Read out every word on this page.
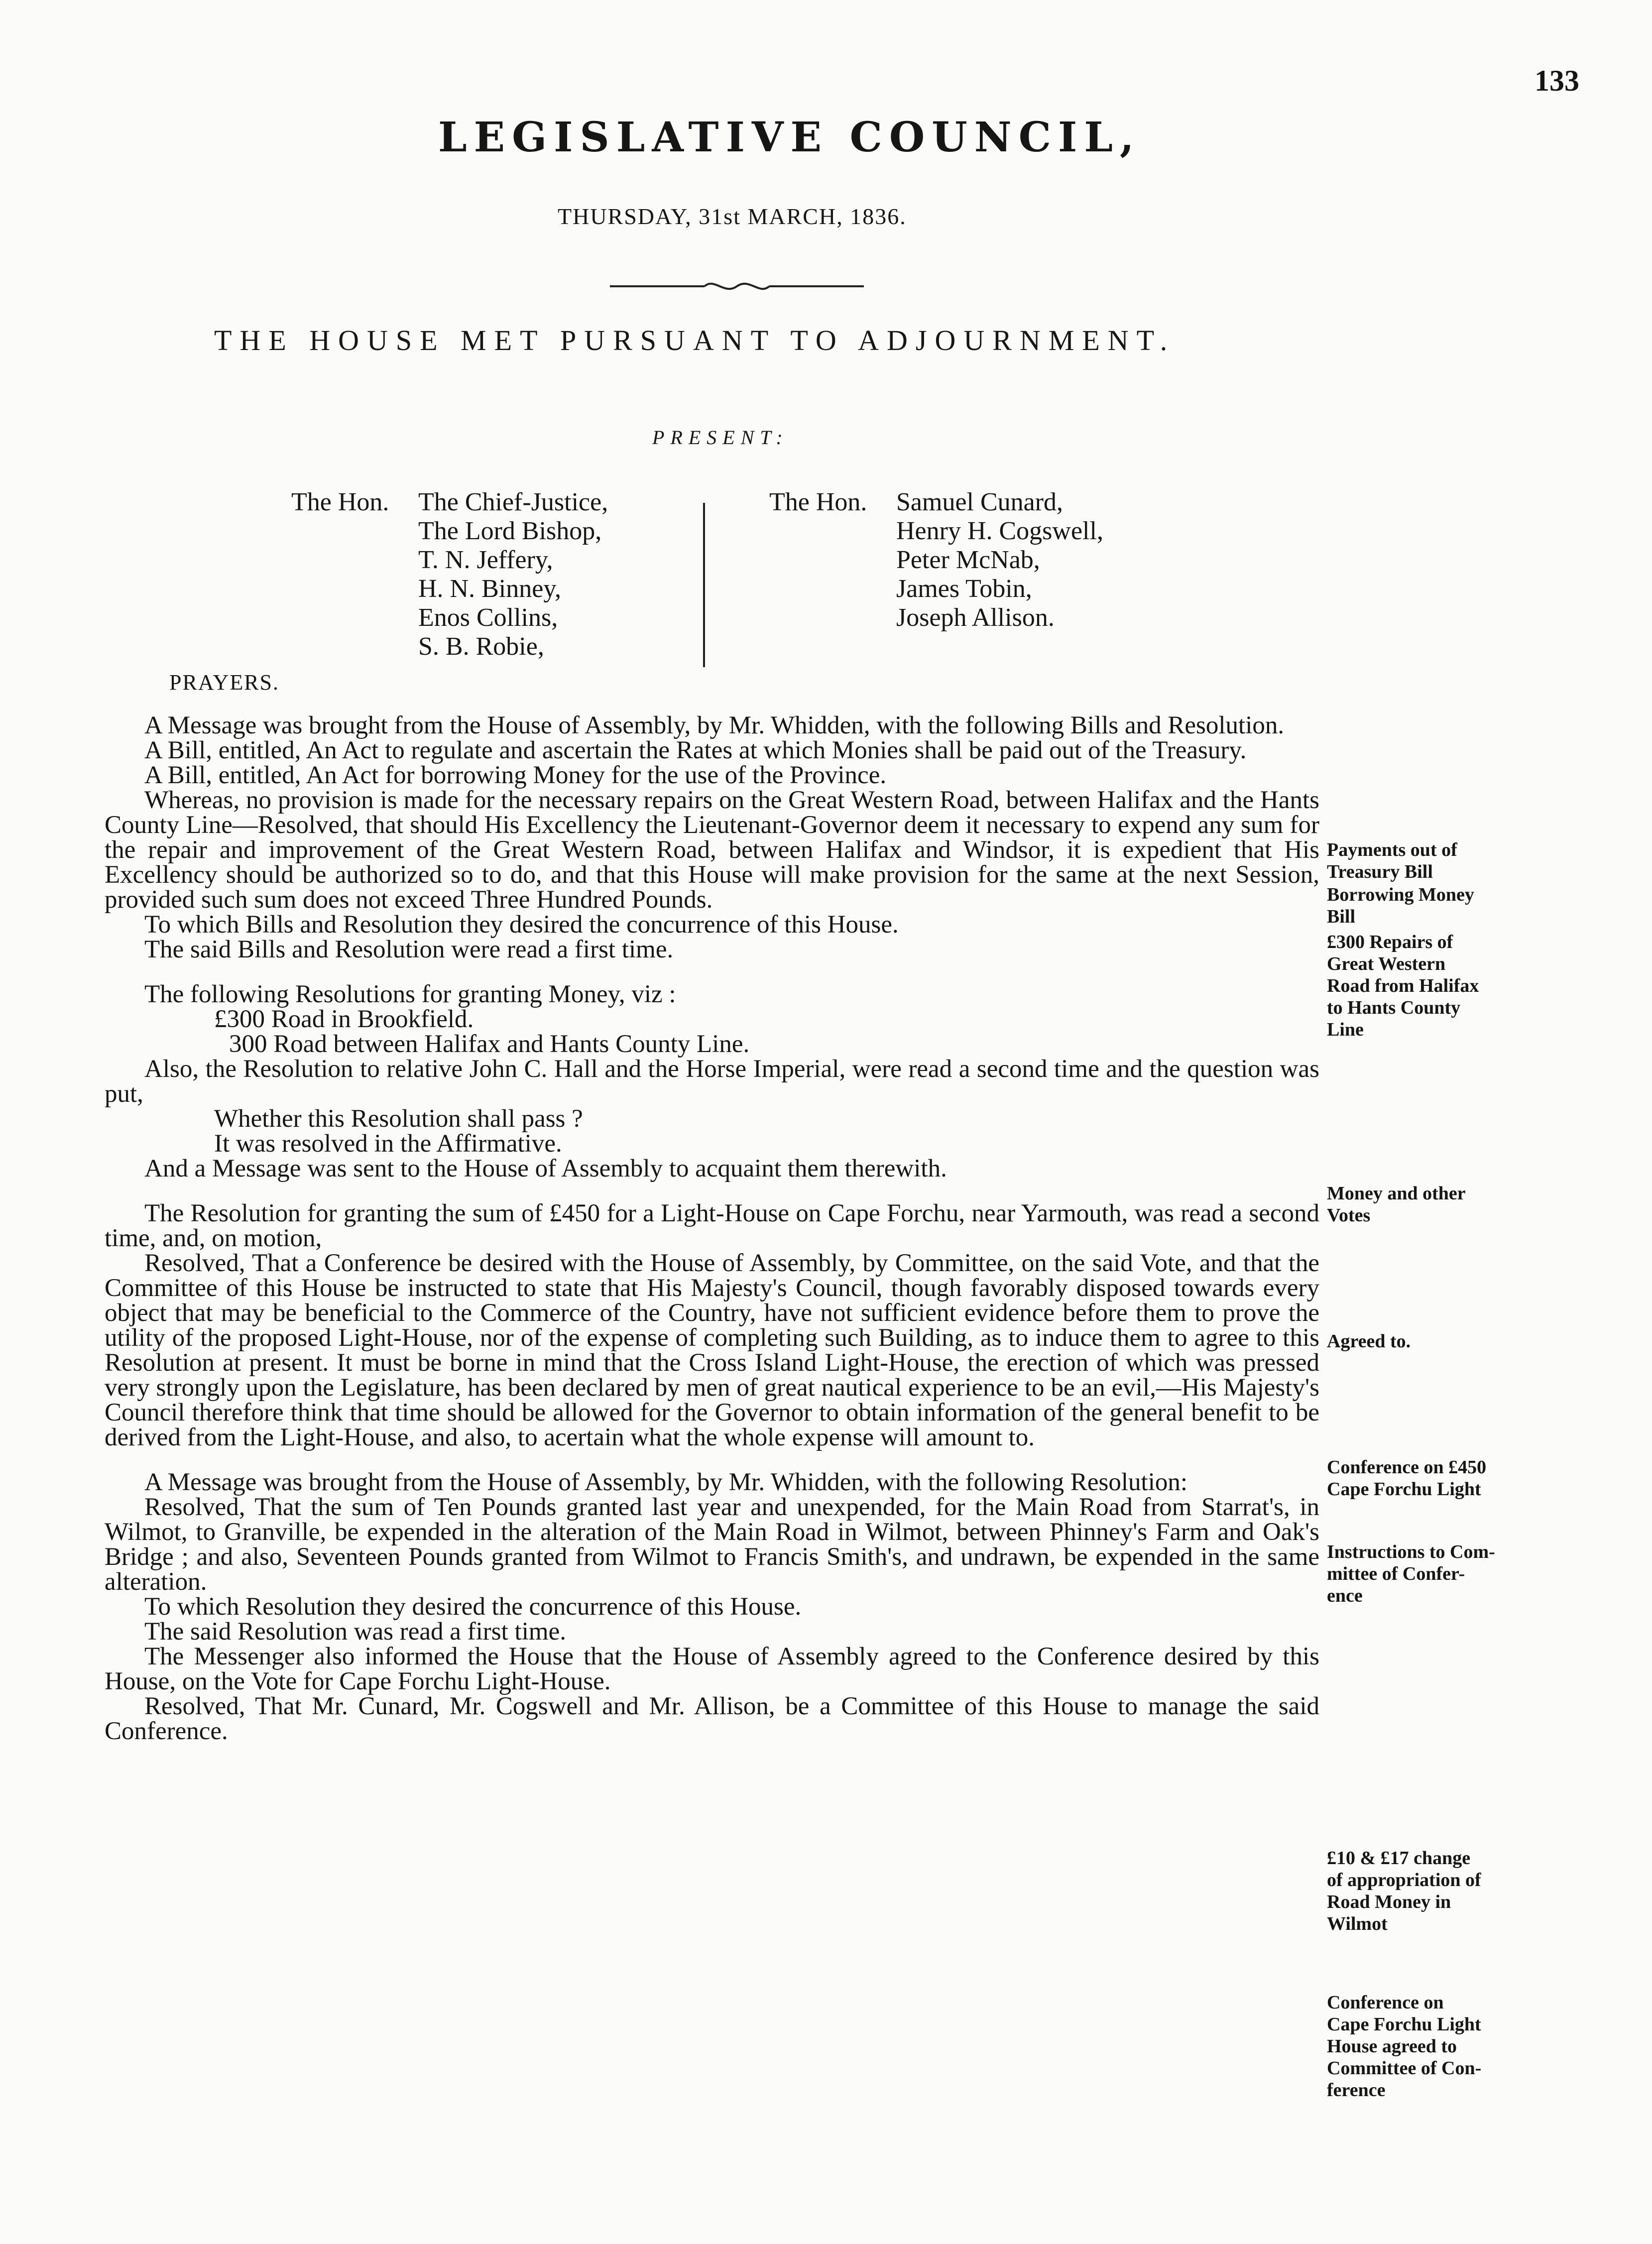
133
LEGISLATIVE COUNCIL,
THURSDAY, 31st MARCH, 1836.
THE HOUSE MET PURSUANT TO ADJOURNMENT.
PRESENT:
The Hon.	The Chief-Justice,
The Lord Bishop,
T. N. Jeffery,
H. N. Binney,
Enos Collins,
S. B. Robie,
The Hon.	Samuel Cunard,
Henry H. Cogswell,
Peter McNab,
James Tobin,
Joseph Allison.
PRAYERS.

A Message was brought from the House of Assembly, by Mr. Whidden, with the following Bills and Resolution.

A Bill, entitled, An Act to regulate and ascertain the Rates at which Monies shall be paid out of the Treasury.

A Bill, entitled, An Act for borrowing Money for the use of the Province.

Whereas, no provision is made for the necessary repairs on the Great Western Road, between Halifax and the Hants County Line—Resolved, that should His Excellency the Lieutenant-Governor deem it necessary to expend any sum for the repair and improvement of the Great Western Road, between Halifax and Windsor, it is expedient that His Excellency should be authorized so to do, and that this House will make provision for the same at the next Session, provided such sum does not exceed Three Hundred Pounds.

To which Bills and Resolution they desired the concurrence of this House.

The said Bills and Resolution were read a first time.

The following Resolutions for granting Money, viz :

£300 Road in Brookfield.

300 Road between Halifax and Hants County Line.

Also, the Resolution to relative John C. Hall and the Horse Imperial, were read a second time and the question was put,

Whether this Resolution shall pass ?

It was resolved in the Affirmative.

And a Message was sent to the House of Assembly to acquaint them therewith.

The Resolution for granting the sum of £450 for a Light-House on Cape Forchu, near Yarmouth, was read a second time, and, on motion,

Resolved, That a Conference be desired with the House of Assembly, by Committee, on the said Vote, and that the Committee of this House be instructed to state that His Majesty's Council, though favorably disposed towards every object that may be beneficial to the Commerce of the Country, have not sufficient evidence before them to prove the utility of the proposed Light-House, nor of the expense of completing such Building, as to induce them to agree to this Resolution at present. It must be borne in mind that the Cross Island Light-House, the erection of which was pressed very strongly upon the Legislature, has been declared by men of great nautical experience to be an evil,—His Majesty's Council therefore think that time should be allowed for the Governor to obtain information of the general benefit to be derived from the Light-House, and also, to acertain what the whole expense will amount to.

A Message was brought from the House of Assembly, by Mr. Whidden, with the following Resolution:

Resolved, That the sum of Ten Pounds granted last year and unexpended, for the Main Road from Starrat's, in Wilmot, to Granville, be expended in the alteration of the Main Road in Wilmot, between Phinney's Farm and Oak's Bridge ; and also, Seventeen Pounds granted from Wilmot to Francis Smith's, and undrawn, be expended in the same alteration.

To which Resolution they desired the concurrence of this House.

The said Resolution was read a first time.

The Messenger also informed the House that the House of Assembly agreed to the Conference desired by this House, on the Vote for Cape Forchu Light-House.

Resolved, That Mr. Cunard, Mr. Cogswell and Mr. Allison, be a Committee of this House to manage the said Conference.

Payments out of
Treasury Bill
Borrowing Money
Bill
£300 Repairs of
Great Western
Road from Halifax
to Hants County
Line
Money and other
Votes
Agreed to.
Conference on £450
Cape Forchu Light
Instructions to Com-
mittee of Confer-
ence
£10 & £17 change
of appropriation of
Road Money in
Wilmot
Conference on
Cape Forchu Light
House agreed to
Committee of Con-
ference
